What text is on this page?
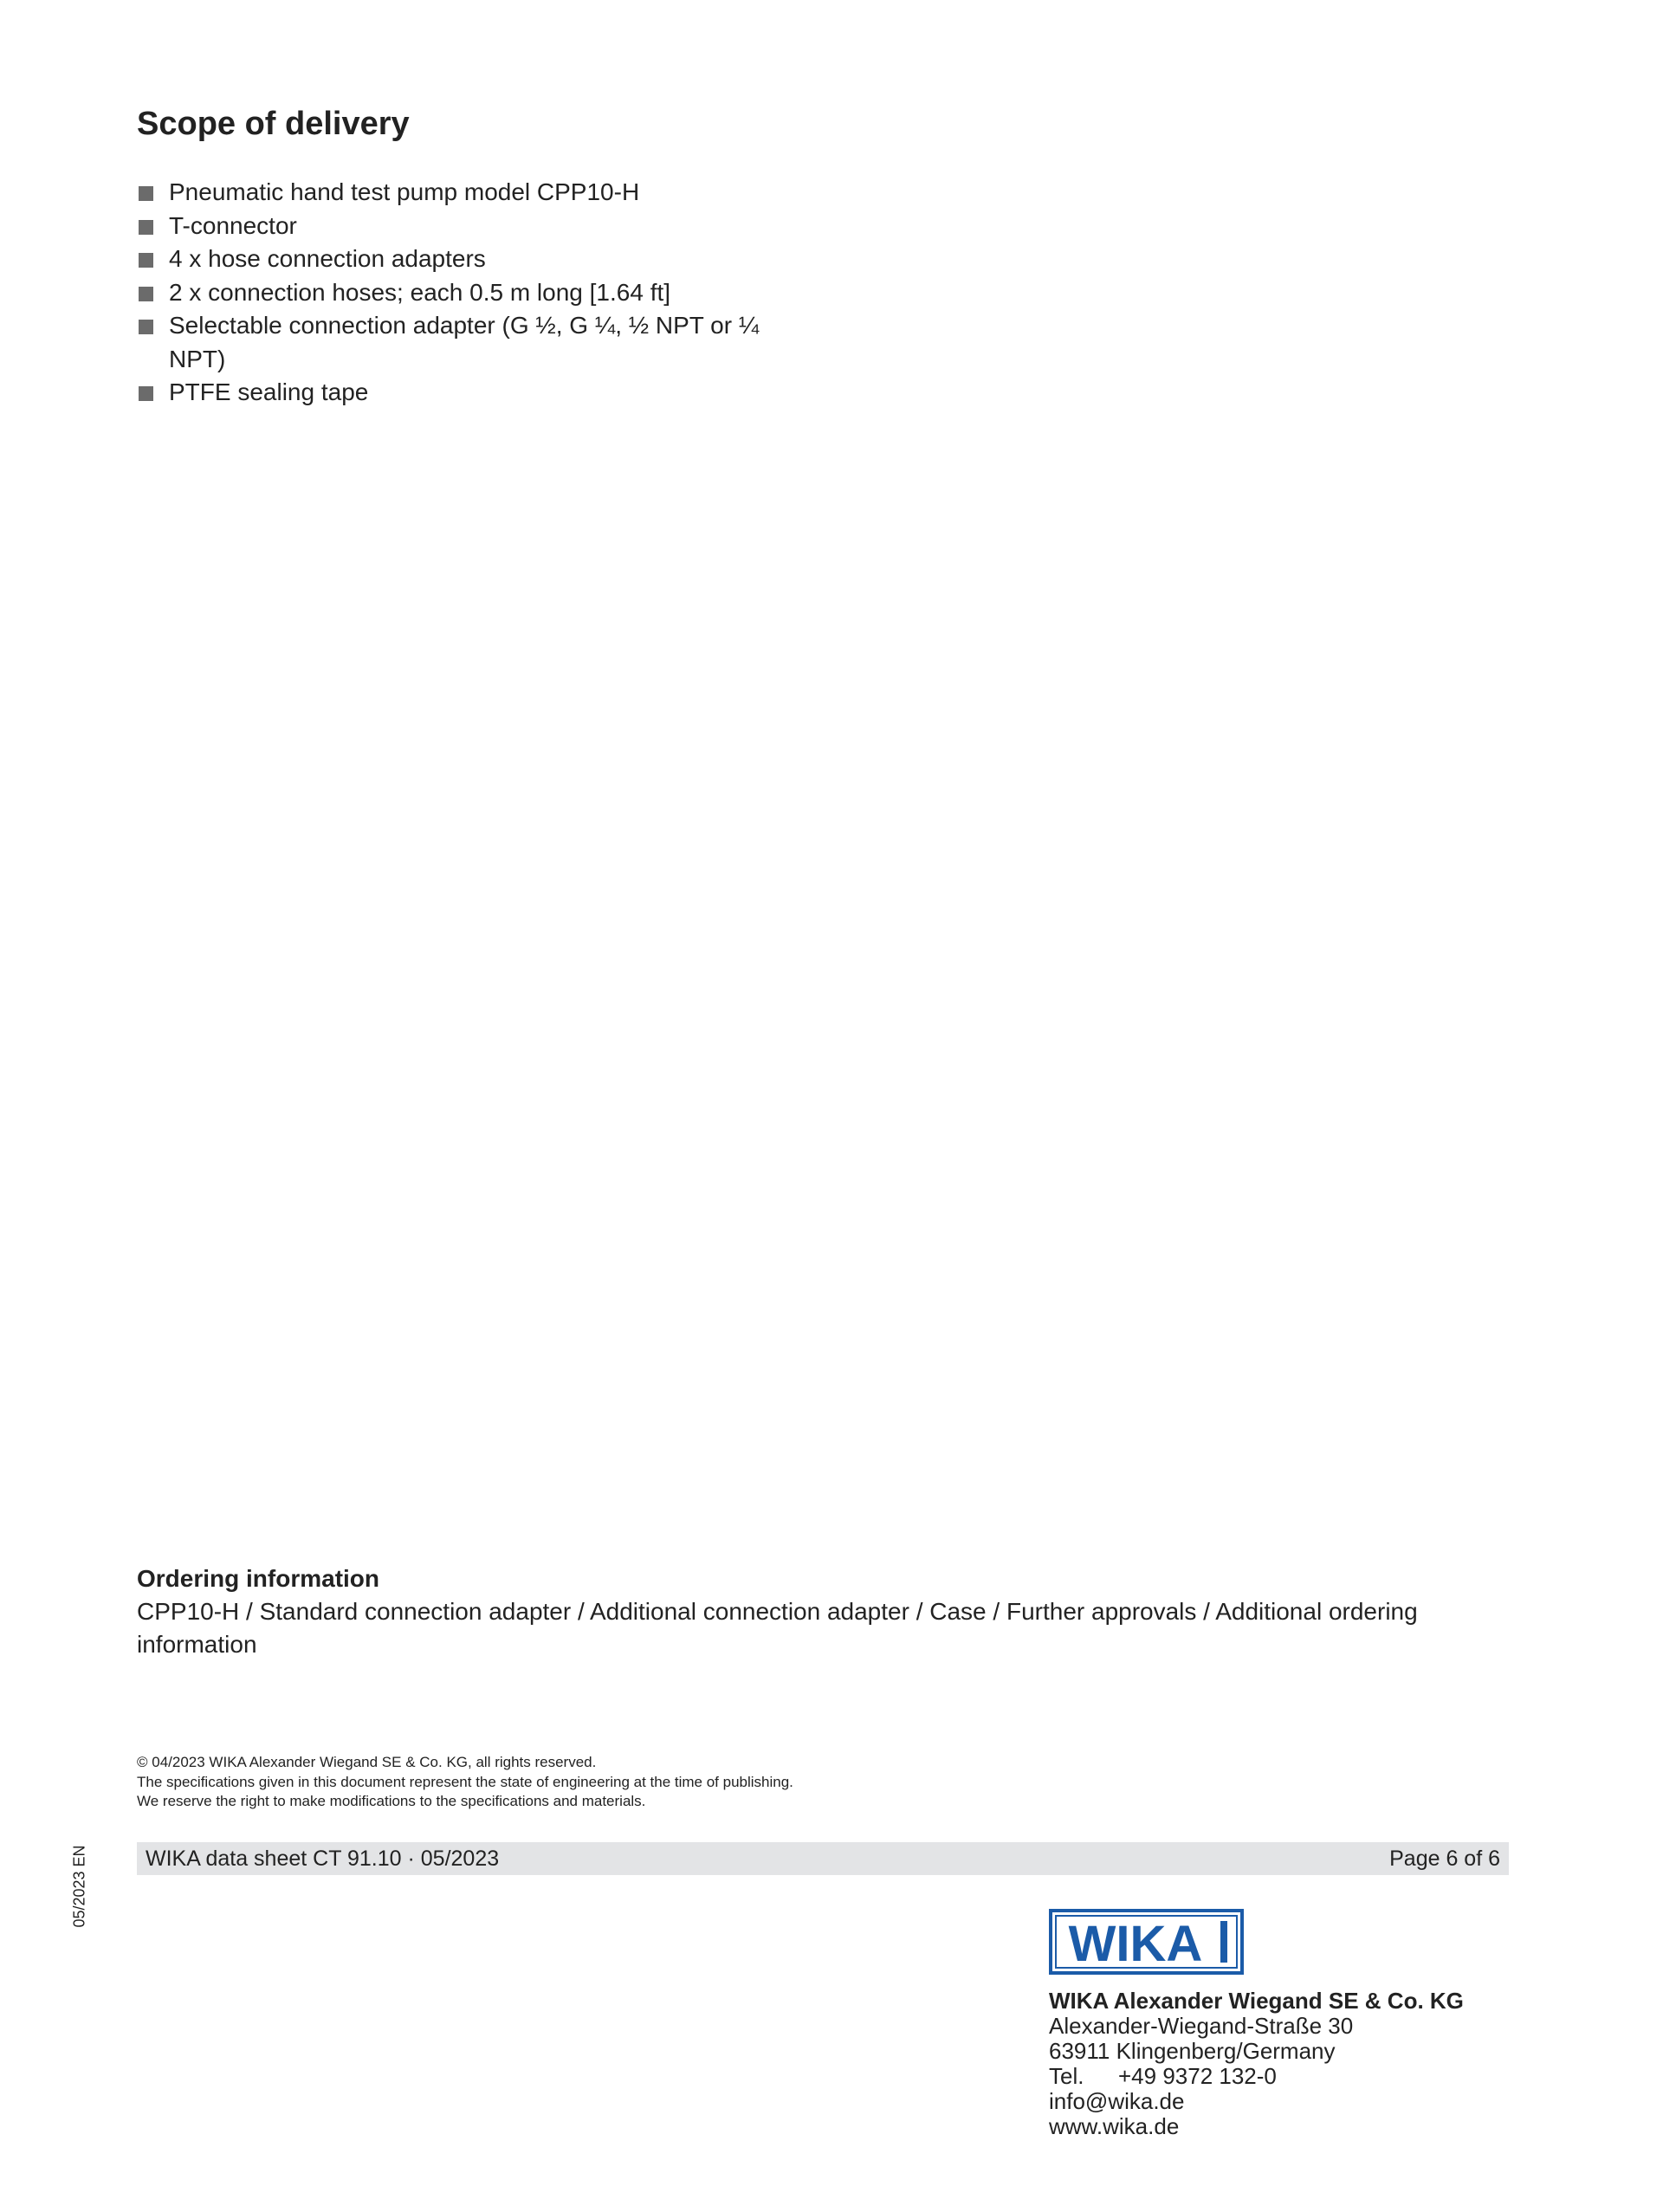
Scope of delivery
Pneumatic hand test pump model CPP10-H
T-connector
4 x hose connection adapters
2 x connection hoses; each 0.5 m long [1.64 ft]
Selectable connection adapter (G ½, G ¼, ½ NPT or ¼ NPT)
PTFE sealing tape

Ordering information

CPP10-H / Standard connection adapter / Additional connection adapter / Case / Further approvals / Additional ordering information

© 04/2023 WIKA Alexander Wiegand SE & Co. KG, all rights reserved.

The specifications given in this document represent the state of engineering at the time of publishing.

We reserve the right to make modifications to the specifications and materials.

WIKA data sheet CT 91.10 · 05/2023	Page 6 of 6
05/2023 EN
WIKA

WIKA Alexander Wiegand SE & Co. KG

Alexander-Wiegand-Straße 30

63911 Klingenberg/Germany

Tel. +49 9372 132-0

info@wika.de

www.wika.de
